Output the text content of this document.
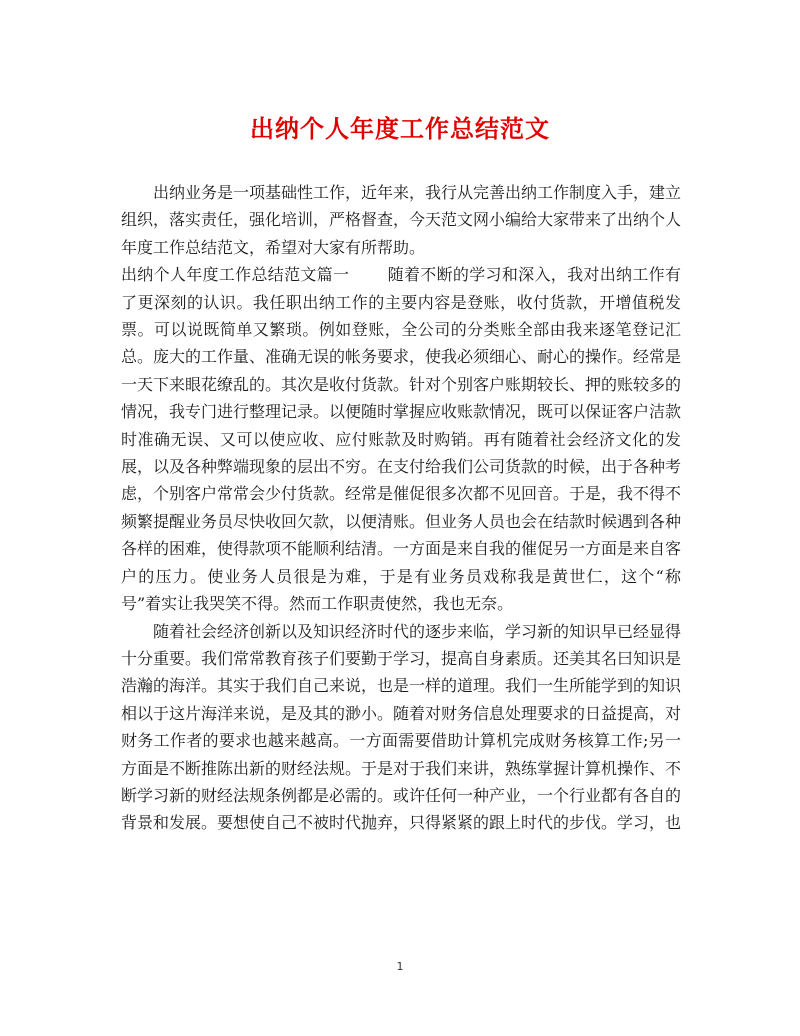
出纳个人年度工作总结范文

出纳业务是一项基础性工作，近年来，我行从完善出纳工作制度入手，建立组织，落实责任，强化培训，严格督查，今天范文网小编给大家带来了出纳个人年度工作总结范文，希望对大家有所帮助。

出纳个人年度工作总结范文篇一 随着不断的学习和深入，我对出纳工作有了更深刻的认识。我任职出纳工作的主要内容是登账，收付货款，开增值税发票。可以说既简单又繁琐。例如登账，全公司的分类账全部由我来逐笔登记汇总。庞大的工作量、准确无误的帐务要求，使我必须细心、耐心的操作。经常是一天下来眼花缭乱的。其次是收付货款。针对个别客户账期较长、押的账较多的情况，我专门进行整理记录。以便随时掌握应收账款情况，既可以保证客户洁款时准确无误、又可以使应收、应付账款及时购销。再有随着社会经济文化的发展，以及各种弊端现象的层出不穷。在支付给我们公司货款的时候，出于各种考虑，个别客户常常会少付货款。经常是催促很多次都不见回音。于是，我不得不频繁提醒业务员尽快收回欠款，以便清账。但业务人员也会在结款时候遇到各种各样的困难，使得款项不能顺利结清。一方面是来自我的催促另一方面是来自客户的压力。使业务人员很是为难，于是有业务员戏称我是黄世仁，这个“称号”着实让我哭笑不得。然而工作职责使然，我也无奈。

随着社会经济创新以及知识经济时代的逐步来临，学习新的知识早已经显得十分重要。我们常常教育孩子们要勤于学习，提高自身素质。还美其名曰知识是浩瀚的海洋。其实于我们自己来说，也是一样的道理。我们一生所能学到的知识相以于这片海洋来说，是及其的渺小。随着对财务信息处理要求的日益提高，对财务工作者的要求也越来越高。一方面需要借助计算机完成财务核算工作;另一方面是不断推陈出新的财经法规。于是对于我们来讲，熟练掌握计算机操作、不断学习新的财经法规条例都是必需的。或许任何一种产业，一个行业都有各自的背景和发展。要想使自己不被时代抛弃，只得紧紧的跟上时代的步伐。学习，也

1
